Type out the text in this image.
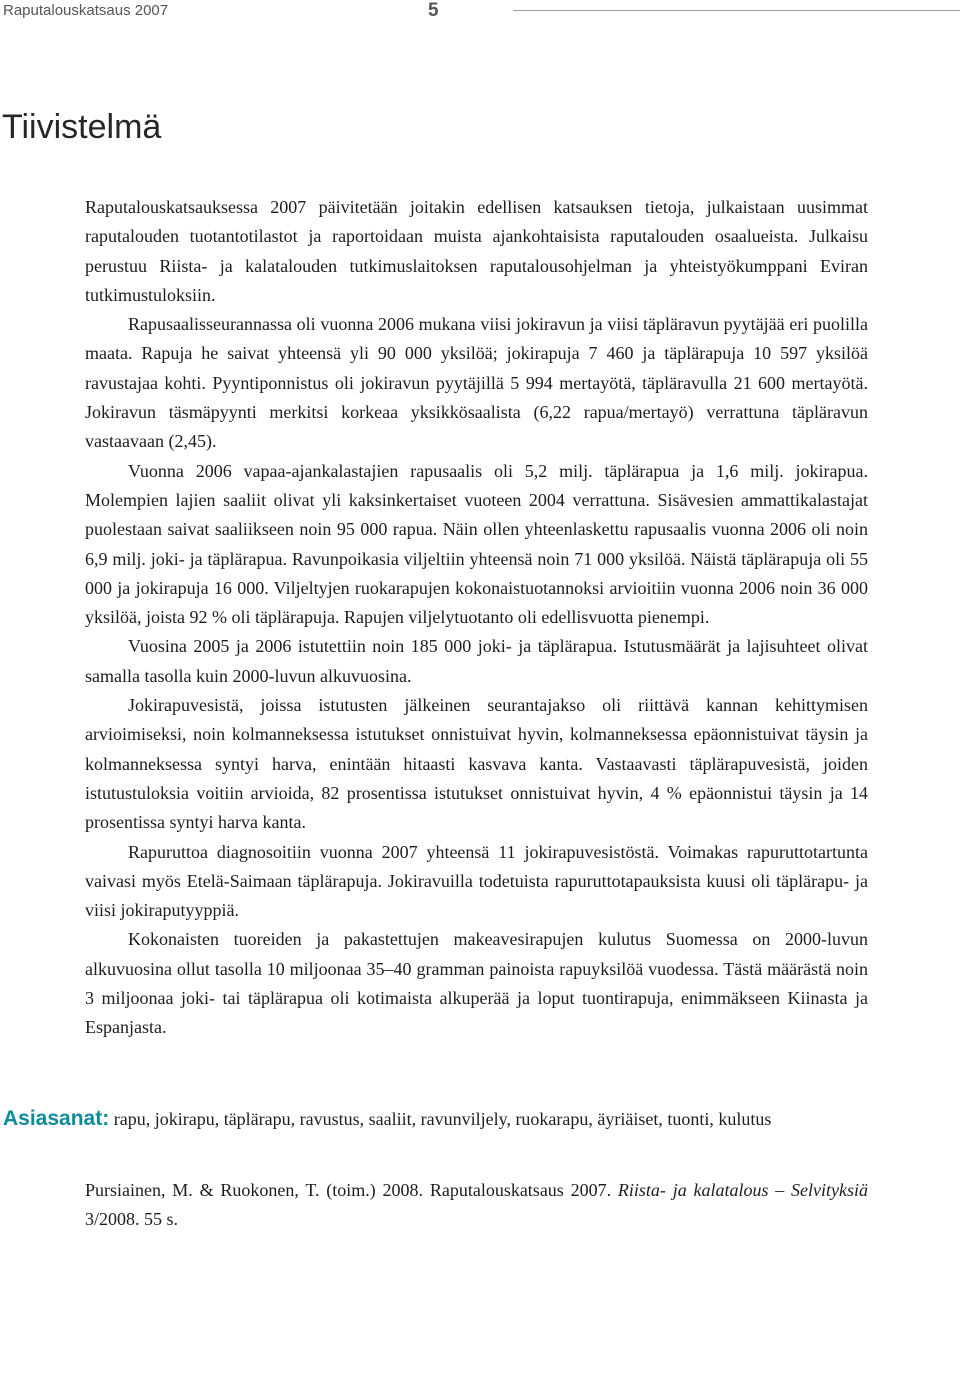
Raputalouskatsaus 2007	5
Tiivistelmä

Raputalouskatsauksessa 2007 päivitetään joitakin edellisen katsauksen tietoja, julkaistaan uusimmat raputalouden tuotantotilastot ja raportoidaan muista ajankohtaisista raputalouden osaalueista. Julkaisu perustuu Riista- ja kalatalouden tutkimuslaitoksen raputalousohjelman ja yhteistyökumppani Eviran tutkimustuloksiin.

Rapusaalisseurannassa oli vuonna 2006 mukana viisi jokiravun ja viisi täpläravun pyytäjää eri puolilla maata. Rapuja he saivat yhteensä yli 90 000 yksilöä; jokirapuja 7 460 ja täplärapuja 10 597 yksilöä ravustajaa kohti. Pyyntiponnistus oli jokiravun pyytäjillä 5 994 mertayötä, täpläravulla 21 600 mertayötä. Jokiravun täsmäpyynti merkitsi korkeaa yksikkösaalista (6,22 rapua/mertayö) verrattuna täpläravun vastaavaan (2,45).

Vuonna 2006 vapaa-ajankalastajien rapusaalis oli 5,2 milj. täplärapua ja 1,6 milj. jokirapua. Molempien lajien saaliit olivat yli kaksinkertaiset vuoteen 2004 verrattuna. Sisävesien ammattikalastajat puolestaan saivat saaliikseen noin 95 000 rapua. Näin ollen yhteenlaskettu rapusaalis vuonna 2006 oli noin 6,9 milj. joki- ja täplärapua. Ravunpoikasia viljeltiin yhteensä noin 71 000 yksilöä. Näistä täplärapuja oli 55 000 ja jokirapuja 16 000. Viljeltyjen ruokarapujen kokonaistuotannoksi arvioitiin vuonna 2006 noin 36 000 yksilöä, joista 92 % oli täplärapuja. Rapujen viljelytuotanto oli edellisvuotta pienempi.

Vuosina 2005 ja 2006 istutettiin noin 185 000 joki- ja täplärapua. Istutusmäärät ja lajisuhteet olivat samalla tasolla kuin 2000-luvun alkuvuosina.

Jokirapuvesistä, joissa istutusten jälkeinen seurantajakso oli riittävä kannan kehittymisen arvioimiseksi, noin kolmanneksessa istutukset onnistuivat hyvin, kolmanneksessa epäonnistuivat täysin ja kolmanneksessa syntyi harva, enintään hitaasti kasvava kanta. Vastaavasti täplärapuvesistä, joiden istutustuloksia voitiin arvioida, 82 prosentissa istutukset onnistuivat hyvin, 4 % epäonnistui täysin ja 14 prosentissa syntyi harva kanta.

Rapuruttoa diagnosoitiin vuonna 2007 yhteensä 11 jokirapuvesistöstä. Voimakas rapuruttotartunta vaivasi myös Etelä-Saimaan täplärapuja. Jokiravuilla todetuista rapuruttotapauksista kuusi oli täplärapu- ja viisi jokiraputyyppiä.

Kokonaisten tuoreiden ja pakastettujen makeavesirapujen kulutus Suomessa on 2000-luvun alkuvuosina ollut tasolla 10 miljoonaa 35–40 gramman painoista rapuyksilöä vuodessa. Tästä määrästä noin 3 miljoonaa joki- tai täplärapua oli kotimaista alkuperää ja loput tuontirapuja, enimmäkseen Kiinasta ja Espanjasta.

Asiasanat: rapu, jokirapu, täplärapu, ravustus, saaliit, ravunviljely, ruokarapu, äyriäiset, tuonti, kulutus
Pursiainen, M. & Ruokonen, T. (toim.) 2008. Raputalouskatsaus 2007. Riista- ja kalatalous – Selvityksiä 3/2008. 55 s.
